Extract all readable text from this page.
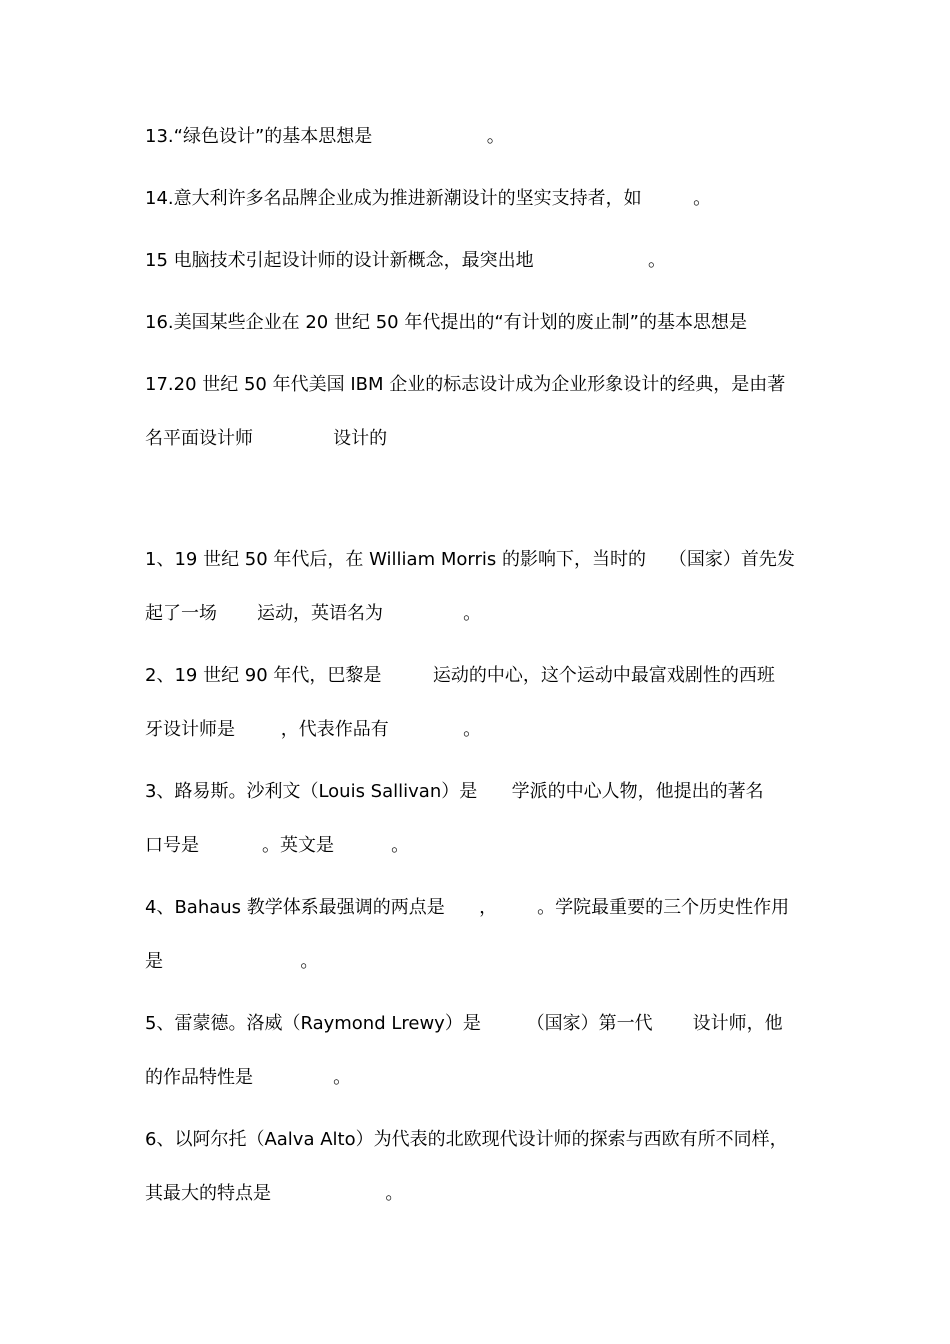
13.“绿色设计”的基本思想是                    。
14.意大利许多名品牌企业成为推进新潮设计的坚实支持者，如         。
15 电脑技术引起设计师的设计新概念，最突出地                    。
16.美国某些企业在 20 世纪 50 年代提出的“有计划的废止制”的基本思想是
17.20 世纪 50 年代美国 IBM 企业的标志设计成为企业形象设计的经典，是由著
名平面设计师              设计的
1、19 世纪 50 年代后，在 William Morris 的影响下，当时的    （国家）首先发
起了一场       运动，英语名为              。
2、19 世纪 90 年代，巴黎是         运动的中心，这个运动中最富戏剧性的西班
牙设计师是        ，代表作品有             。
3、路易斯。沙利文（Louis Sallivan）是      学派的中心人物，他提出的著名
口号是           。英文是          。
4、Bahaus 教学体系最强调的两点是      ，       。学院最重要的三个历史性作用
是                        。
5、雷蒙德。洛威（Raymond Lrewy）是        （国家）第一代       设计师，他
的作品特性是              。
6、以阿尔托（Aalva Alto）为代表的北欧现代设计师的探索与西欧有所不同样，
其最大的特点是                    。
